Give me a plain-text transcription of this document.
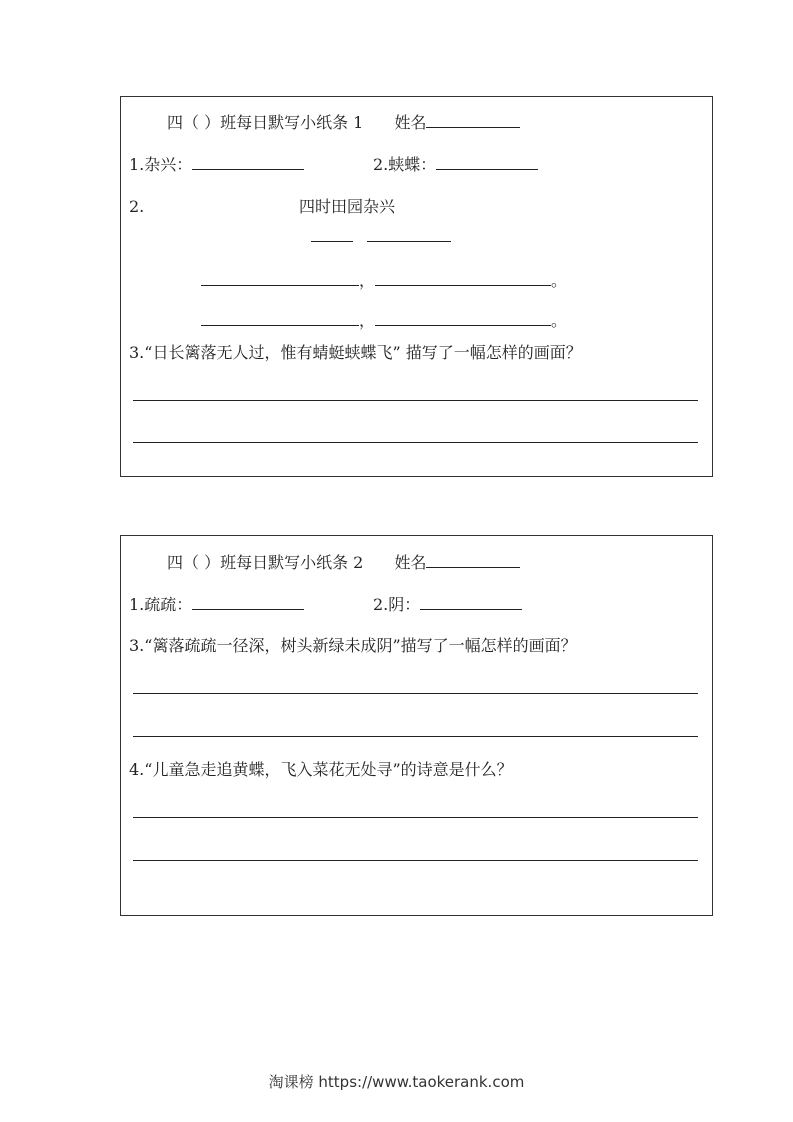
四（ ）班每日默写小纸条 1 姓名
1.杂兴：	2.蛱蝶：
2.	四时田园杂兴
，	。
，	。
3.“日长篱落无人过，惟有蜻蜓蛱蝶飞” 描写了一幅怎样的画面？
四（ ）班每日默写小纸条 2 姓名
1.疏疏：	2.阴：
3.“篱落疏疏一径深，树头新绿未成阴”描写了一幅怎样的画面？
4.“儿童急走追黄蝶，飞入菜花无处寻”的诗意是什么？
淘课榜 https://www.taokerank.com
